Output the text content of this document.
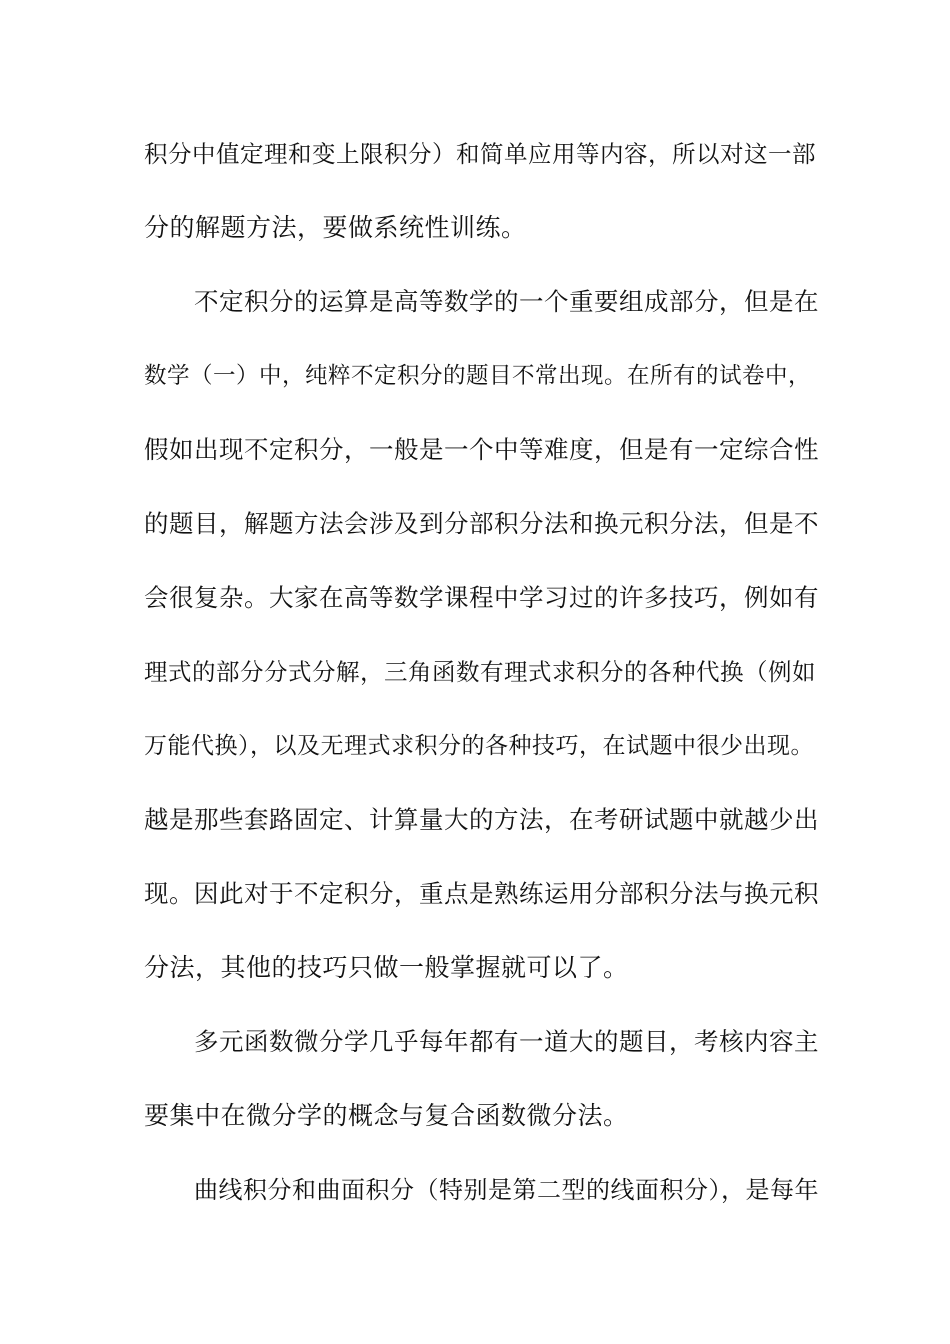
积分中值定理和变上限积分）和简单应用等内容，所以对这一部
分的解题方法，要做系统性训练。
不定积分的运算是高等数学的一个重要组成部分，但是在
数学（一）中，纯粹不定积分的题目不常出现。在所有的试卷中，
假如出现不定积分，一般是一个中等难度，但是有一定综合性
的题目，解题方法会涉及到分部积分法和换元积分法，但是不
会很复杂。大家在高等数学课程中学习过的许多技巧，例如有
理式的部分分式分解，三角函数有理式求积分的各种代换（例如
万能代换），以及无理式求积分的各种技巧，在试题中很少出现。
越是那些套路固定、计算量大的方法，在考研试题中就越少出
现。因此对于不定积分，重点是熟练运用分部积分法与换元积
分法，其他的技巧只做一般掌握就可以了。
多元函数微分学几乎每年都有一道大的题目，考核内容主
要集中在微分学的概念与复合函数微分法。
曲线积分和曲面积分（特别是第二型的线面积分），是每年
